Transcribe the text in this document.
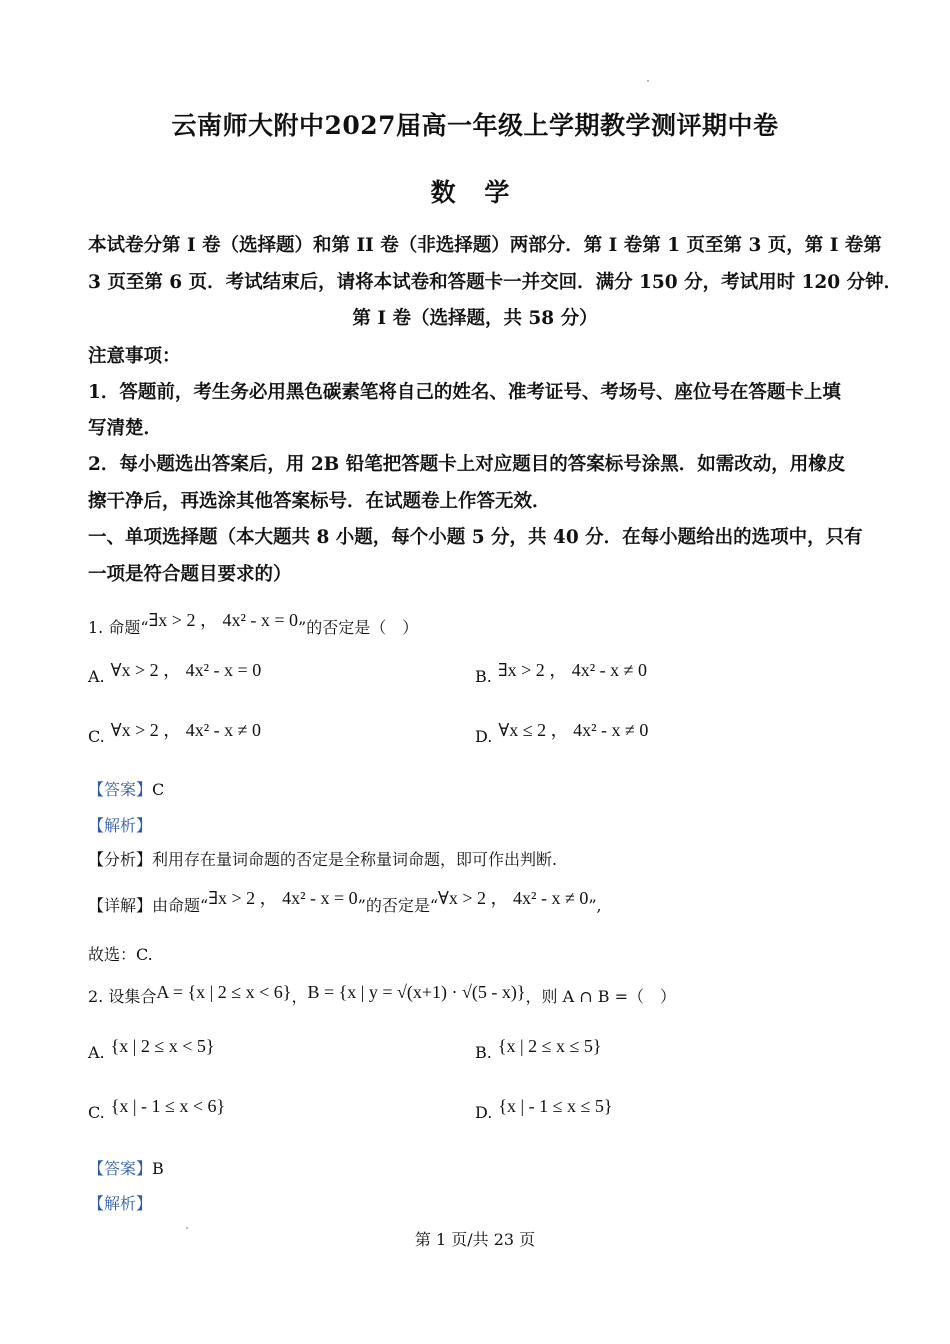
云南师大附中2027届高一年级上学期教学测评期中卷
数 学
本试卷分第 I 卷（选择题）和第 II 卷（非选择题）两部分．第 I 卷第 1 页至第 3 页，第 I 卷第
3 页至第 6 页．考试结束后，请将本试卷和答题卡一并交回．满分 150 分，考试用时 120 分钟．
第 I 卷（选择题，共 58 分）
注意事项：
1．答题前，考生务必用黑色碳素笔将自己的姓名、准考证号、考场号、座位号在答题卡上填
写清楚．
2．每小题选出答案后，用 2B 铅笔把答题卡上对应题目的答案标号涂黑．如需改动，用橡皮
擦干净后，再选涂其他答案标号．在试题卷上作答无效．
一、单项选择题（本大题共 8 小题，每个小题 5 分，共 40 分．在每小题给出的选项中，只有
一项是符合题目要求的）
1. 命题“∃x > 2 ， 4x² - x = 0”的否定是（　）
A. ∀x > 2 ， 4x² - x = 0	B. ∃x > 2 ， 4x² - x ≠ 0
C. ∀x > 2 ， 4x² - x ≠ 0	D. ∀x ≤ 2 ， 4x² - x ≠ 0
【答案】C
【解析】
【分析】利用存在量词命题的否定是全称量词命题，即可作出判断.
【详解】由命题“∃x > 2 ， 4x² - x = 0”的否定是“∀x > 2 ， 4x² - x ≠ 0”,
故选：C.
2. 设集合A = {x | 2 ≤ x < 6}，B = {x | y = √(x+1) · √(5 - x)}，则 A ∩ B =（　）
A. {x | 2 ≤ x < 5}	B. {x | 2 ≤ x ≤ 5}
C. {x | - 1 ≤ x < 6}	D. {x | - 1 ≤ x ≤ 5}
【答案】B
【解析】
第 1 页/共 23 页
